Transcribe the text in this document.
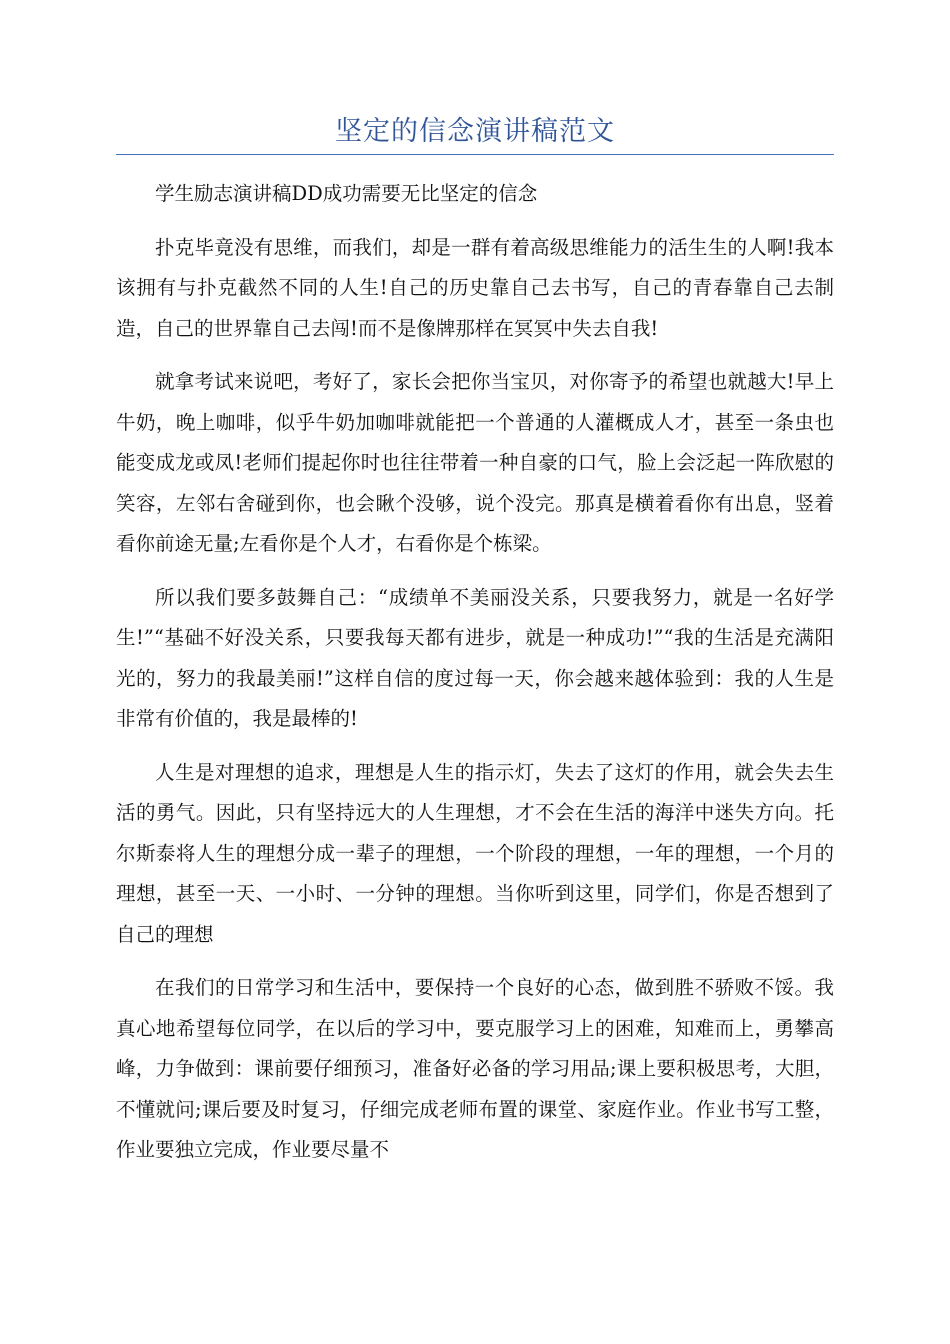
坚定的信念演讲稿范文

学生励志演讲稿DD成功需要无比坚定的信念

扑克毕竟没有思维，而我们，却是一群有着高级思维能力的活生生的人啊!我本该拥有与扑克截然不同的人生!自己的历史靠自己去书写，自己的青春靠自己去制造，自己的世界靠自己去闯!而不是像牌那样在冥冥中失去自我!

就拿考试来说吧，考好了，家长会把你当宝贝，对你寄予的希望也就越大!早上牛奶，晚上咖啡，似乎牛奶加咖啡就能把一个普通的人灌概成人才，甚至一条虫也能变成龙或凤!老师们提起你时也往往带着一种自豪的口气，脸上会泛起一阵欣慰的笑容，左邻右舍碰到你，也会瞅个没够，说个没完。那真是横着看你有出息，竖着看你前途无量;左看你是个人才，右看你是个栋梁。

所以我们要多鼓舞自己：“成绩单不美丽没关系，只要我努力，就是一名好学生!”“基础不好没关系，只要我每天都有进步，就是一种成功!”“我的生活是充满阳光的，努力的我最美丽!”这样自信的度过每一天，你会越来越体验到：我的人生是非常有价值的，我是最棒的!

人生是对理想的追求，理想是人生的指示灯，失去了这灯的作用，就会失去生活的勇气。因此，只有坚持远大的人生理想，才不会在生活的海洋中迷失方向。托尔斯泰将人生的理想分成一辈子的理想，一个阶段的理想，一年的理想，一个月的理想，甚至一天、一小时、一分钟的理想。当你听到这里，同学们，你是否想到了自己的理想

在我们的日常学习和生活中，要保持一个良好的心态，做到胜不骄败不馁。我真心地希望每位同学，在以后的学习中，要克服学习上的困难，知难而上，勇攀高峰，力争做到：课前要仔细预习，准备好必备的学习用品;课上要积极思考，大胆，不懂就问;课后要及时复习，仔细完成老师布置的课堂、家庭作业。作业书写工整，作业要独立完成，作业要尽量不
